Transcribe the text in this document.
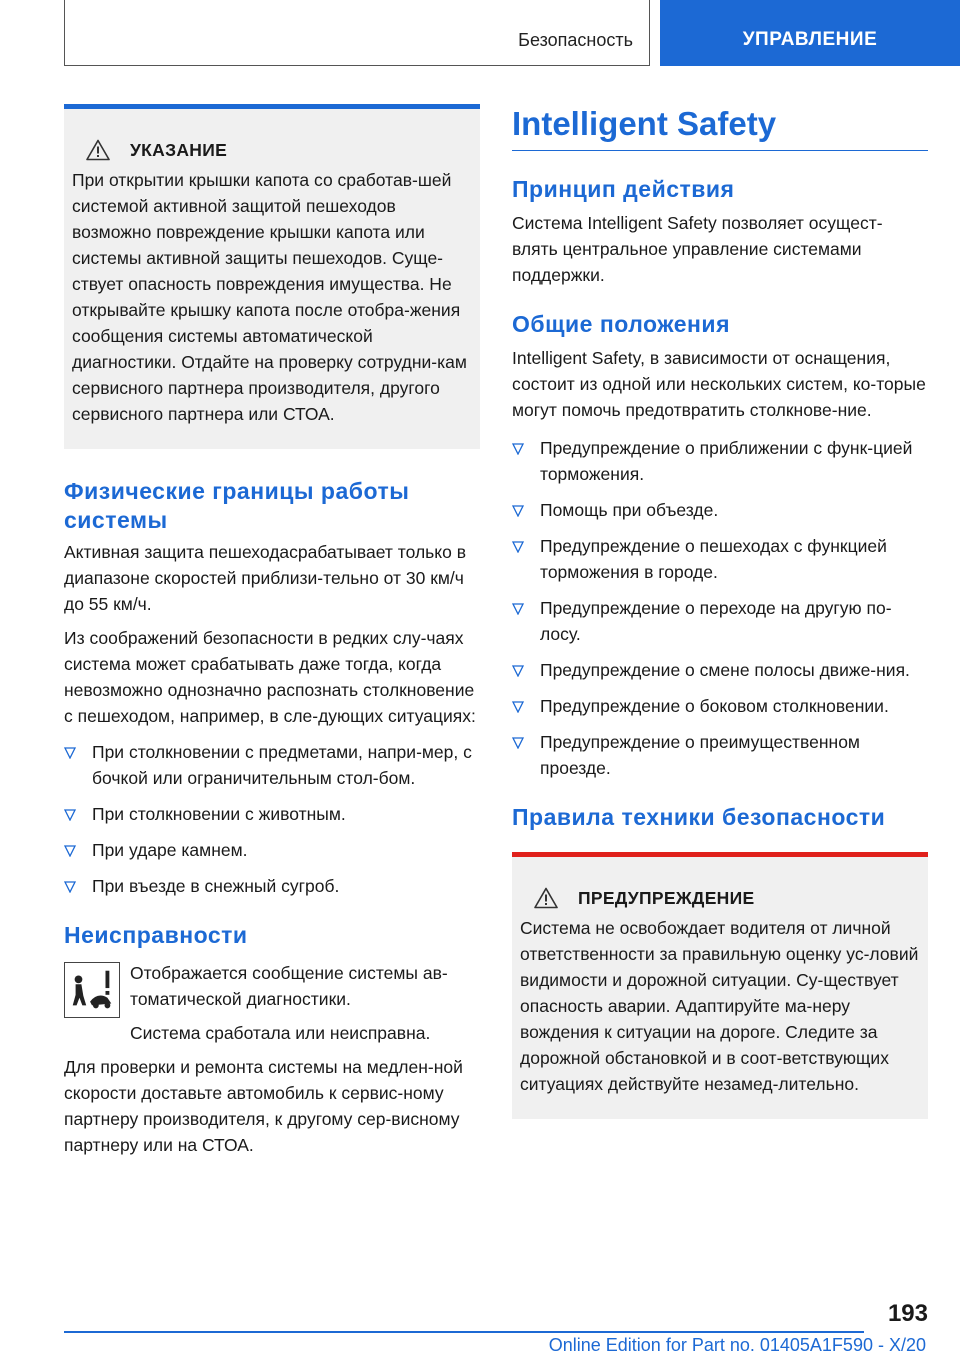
Безопасность	УПРАВЛЕНИЕ
УКАЗАНИЕ
При открытии крышки капота со сработав-шей системой активной защитой пешеходов возможно повреждение крышки капота или системы активной защиты пешеходов. Суще-ствует опасность повреждения имущества. Не открывайте крышку капота после отобра-жения сообщения системы автоматической диагностики. Отдайте на проверку сотрудни-кам сервисного партнера производителя, другого сервисного партнера или СТОА.
Физические границы работы системы
Активная защита пешеходасрабатывает только в диапазоне скоростей приблизи-тельно от 30 км/ч до 55 км/ч.
Из соображений безопасности в редких слу-чаях система может срабатывать даже тогда, когда невозможно однозначно распознать столкновение с пешеходом, например, в сле-дующих ситуациях:
При столкновении с предметами, напри-мер, с бочкой или ограничительным стол-бом.
При столкновении с животным.
При ударе камнем.
При въезде в снежный сугроб.
Неисправности
Отображается сообщение системы ав-томатической диагностики.
Система сработала или неисправна.
Для проверки и ремонта системы на медлен-ной скорости доставьте автомобиль к сервис-ному партнеру производителя, к другому сер-висному партнеру или на СТОА.
Intelligent Safety
Принцип действия
Система Intelligent Safety позволяет осущест-влять центральное управление системами поддержки.
Общие положения
Intelligent Safety, в зависимости от оснащения, состоит из одной или нескольких систем, ко-торые могут помочь предотвратить столкнове-ние.
Предупреждение о приближении с функ-цией торможения.
Помощь при объезде.
Предупреждение о пешеходах с функцией торможения в городе.
Предупреждение о переходе на другую по-лосу.
Предупреждение о смене полосы движе-ния.
Предупреждение о боковом столкновении.
Предупреждение о преимущественном проезде.
Правила техники безопасности
ПРЕДУПРЕЖДЕНИЕ
Система не освобождает водителя от личной ответственности за правильную оценку ус-ловий видимости и дорожной ситуации. Су-ществует опасность аварии. Адаптируйте ма-неру вождения к ситуации на дороге. Следите за дорожной обстановкой и в соот-ветствующих ситуациях действуйте незамед-лительно.
193
Online Edition for Part no. 01405A1F590 - X/20
